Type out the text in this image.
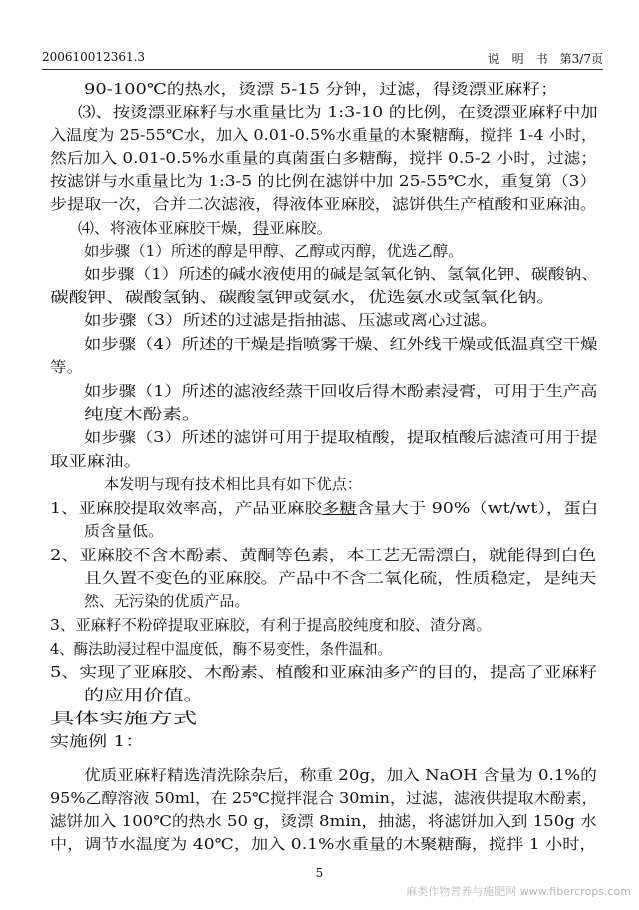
200610012361.3	说　明　书　第3/7页
90-100℃的热水，烫漂 5-15 分钟，过滤，得烫漂亚麻籽；
⑶、按烫漂亚麻籽与水重量比为 1:3-10 的比例，在烫漂亚麻籽中加
入温度为 25-55℃水，加入 0.01-0.5%水重量的木聚糖酶，搅拌 1-4 小时，
然后加入 0.01-0.5%水重量的真菌蛋白多糖酶，搅拌 0.5-2 小时，过滤；
按滤饼与水重量比为 1:3-5 的比例在滤饼中加 25-55℃水，重复第（3）
步提取一次，合并二次滤液，得液体亚麻胶，滤饼供生产植酸和亚麻油。
⑷、将液体亚麻胶干燥，得亚麻胶。
如步骤（1）所述的醇是甲醇、乙醇或丙醇，优选乙醇。
如步骤（1）所述的碱水液使用的碱是氢氧化钠、氢氧化钾、碳酸钠、
碳酸钾、碳酸氢钠、碳酸氢钾或氨水，优选氨水或氢氧化钠。
如步骤（3）所述的过滤是指抽滤、压滤或离心过滤。
如步骤（4）所述的干燥是指喷雾干燥、红外线干燥或低温真空干燥
等。
如步骤（1）所述的滤液经蒸干回收后得木酚素浸膏，可用于生产高
纯度木酚素。
如步骤（3）所述的滤饼可用于提取植酸，提取植酸后滤渣可用于提
取亚麻油。
本发明与现有技术相比具有如下优点：
1、亚麻胶提取效率高，产品亚麻胶多糖含量大于 90%（wt/wt），蛋白
质含量低。
2、亚麻胶不含木酚素、黄酮等色素，本工艺无需漂白，就能得到白色
且久置不变色的亚麻胶。产品中不含二氧化硫，性质稳定，是纯天
然、无污染的优质产品。
3、亚麻籽不粉碎提取亚麻胶，有利于提高胶纯度和胶、渣分离。
4、酶法助浸过程中温度低，酶不易变性，条件温和。
5、实现了亚麻胶、木酚素、植酸和亚麻油多产的目的，提高了亚麻籽
的应用价值。
具体实施方式
实施例 1：
优质亚麻籽精选清洗除杂后，称重 20g，加入 NaOH 含量为 0.1%的
95%乙醇溶液 50ml，在 25℃搅拌混合 30min，过滤，滤液供提取木酚素，
滤饼加入 100℃的热水 50 g，烫漂 8min，抽滤，将滤饼加入到 150g 水
中，调节水温度为 40℃，加入 0.1%水重量的木聚糖酶，搅拌 1 小时，
5
麻类作物营养与施肥网 www.fibercrops.com
